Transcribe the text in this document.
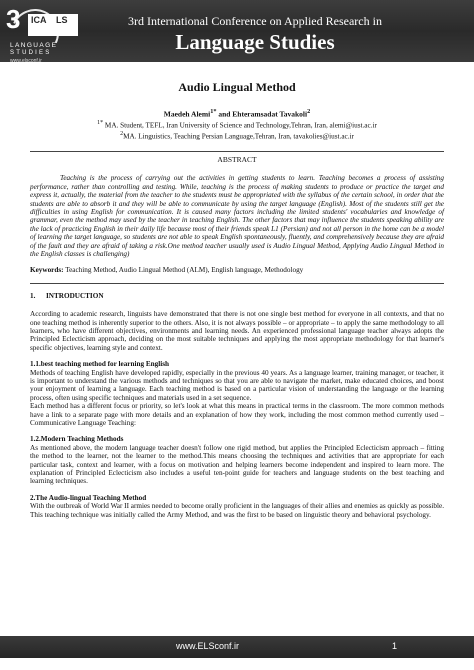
3 ICA LS
LANGUAGE
STUDIES
www.elsconf.ir
3rd International Conference on Applied Research in
Language Studies
Audio Lingual Method
Maedeh Alemi$^{1*}$ and Ehteramsadat Tavakoli$^2$
$^{1*}$ MA. Student, TEFL, Iran University of Science and Technology,Tehran, Iran, alemi@iust.ac.ir
$^2$MA. Linguistics, Teaching Persian Language,Tehran, Iran, tavakolies@iust.ac.ir
ABSTRACT
Teaching is the process of carrying out the activities in getting students to learn. Teaching becomes a process of assisting performance, rather than controlling and testing. While, teaching is the process of making students to produce or practice the target and express it, actually, the material from the teacher to the students must be appropriated with the syllabus of the certain school, in order that the students are able to absorb it and they will be able to communicate by using the target language (English). Most of the students still get the difficulties in using English for communication. It is caused many factors including the limited students' vocabularies and knowledge of grammar, even the method may used by the teacher in teaching English. The other factors that may influence the students speaking ability are the lack of practicing English in their daily life because most of their friends speak L1 (Persian) and not all person in the home can be a model of learning the target language, so students are not able to speak English spontaneously, fluently, and comprehensively because they are afraid of the fault and they are afraid of taking a risk.One method teacher usually used is Audio Lingual Method, Applying Audio Lingual Method in the English classes is challenging)
Keywords: Teaching Method, Audio Lingual Method (ALM), English language, Methodology
1. INTRODUCTION
According to academic research, linguists have demonstrated that there is not one single best method for everyone in all contexts, and that no one teaching method is inherently superior to the others. Also, it is not always possible – or appropriate – to apply the same methodology to all learners, who have different objectives, environments and learning needs. An experienced professional language teacher always adopts the Principled Eclecticism approach, deciding on the most suitable techniques and applying the most appropriate methodology for that learner's specific objectives, learning style and context.
1.1.best teaching method for learning English
Methods of teaching English have developed rapidly, especially in the previous 40 years. As a language learner, training manager, or teacher, it is important to understand the various methods and techniques so that you are able to navigate the market, make educated choices, and boost your enjoyment of learning a language. Each teaching method is based on a particular vision of understanding the language or the learning process, often using specific techniques and materials used in a set sequence.
Each method has a different focus or priority, so let's look at what this means in practical terms in the classroom. The more common methods have a link to a separate page with more details and an explanation of how they work, including the most common method currently used – Communicative Language Teaching:
1.2.Modern Teaching Methods
As mentioned above, the modern language teacher doesn't follow one rigid method, but applies the Principled Eclecticism approach – fitting the method to the learner, not the learner to the method.This means choosing the techniques and activities that are appropriate for each particular task, context and learner, with a focus on motivation and helping learners become independent and inspired to learn more. The explanation of Principled Eclecticism also includes a useful ten-point guide for teachers and language students on the best teaching and learning techniques.
2.The Audio-lingual Teaching Method
With the outbreak of World War II armies needed to become orally proficient in the languages of their allies and enemies as quickly as possible. This teaching technique was initially called the Army Method, and was the first to be based on linguistic theory and behavioral psychology.
www.ELSconf.ir	1
